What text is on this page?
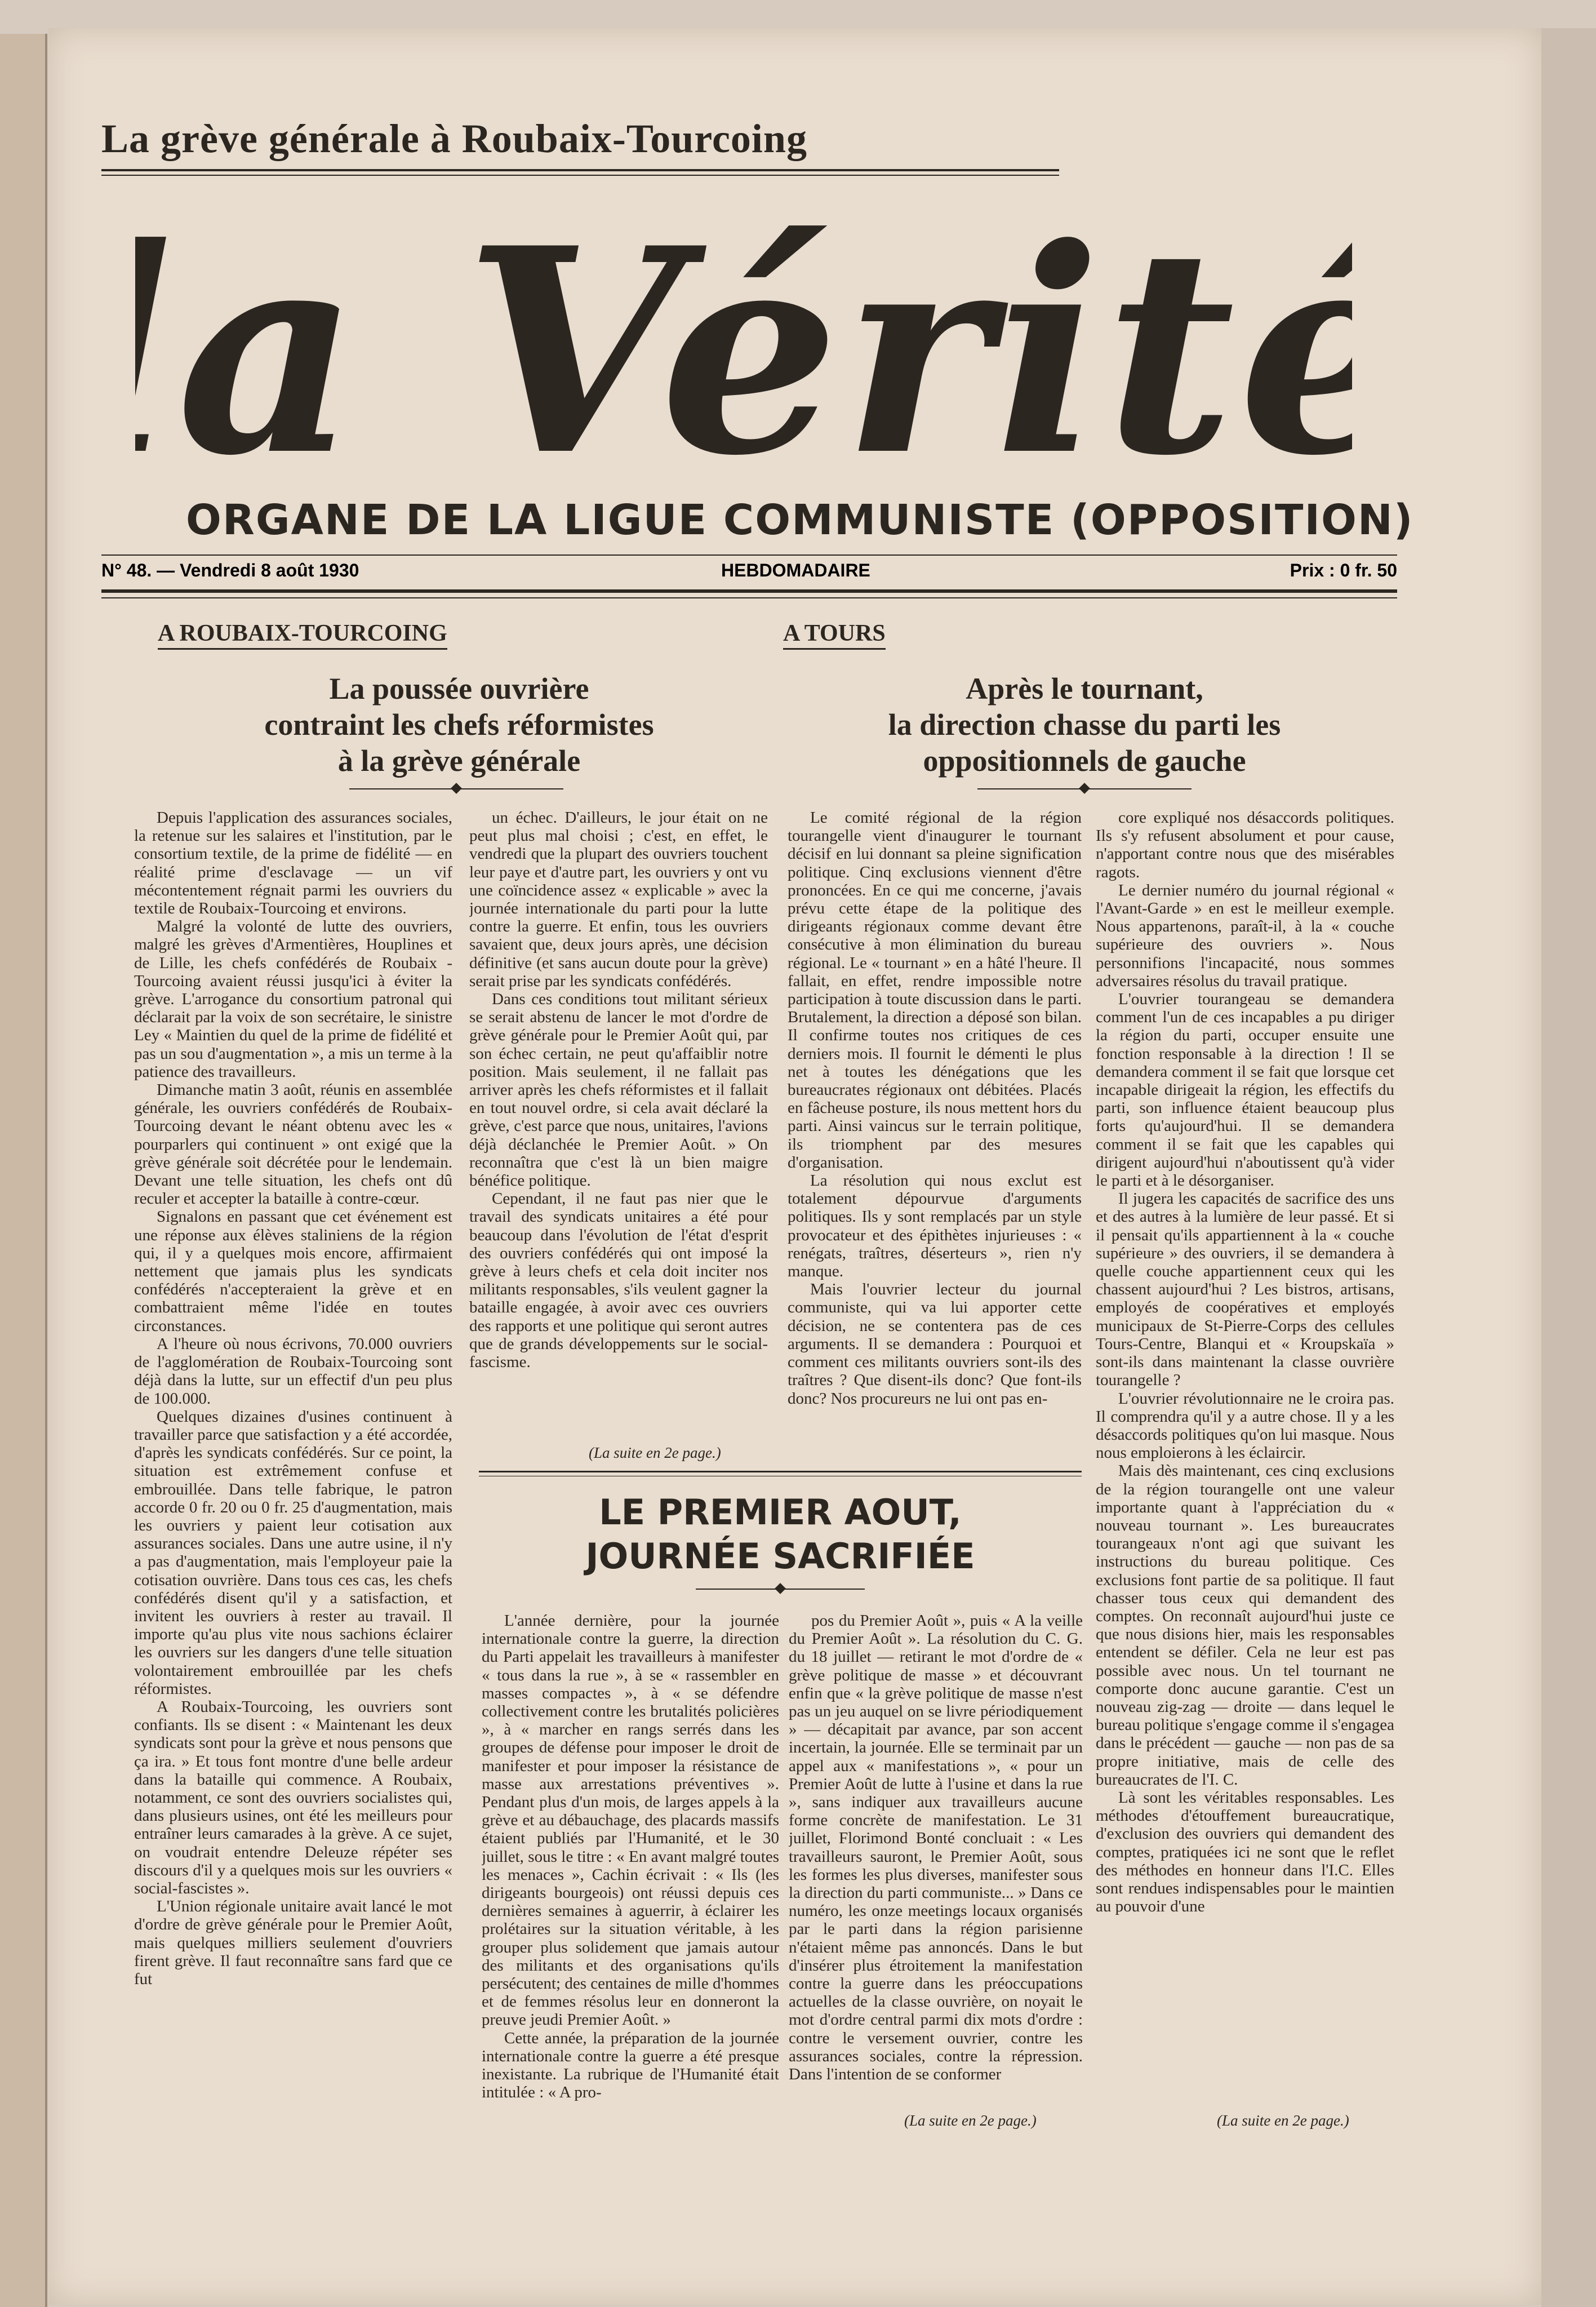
La grève générale à Roubaix-Tourcoing
a Vérité
ORGANE DE LA LIGUE COMMUNISTE (OPPOSITION)
N° 48. — Vendredi 8 août 1930	HEBDOMADAIRE	Prix : 0 fr. 50
A ROUBAIX-TOURCOING
La poussée ouvrière
contraint les chefs réformistes
à la grève générale

Depuis l'application des assurances sociales, la retenue sur les salaires et l'institution, par le consortium textile, de la prime de fidélité — en réalité prime d'esclavage — un vif mécontentement régnait parmi les ouvriers du textile de Roubaix-Tourcoing et environs.

Malgré la volonté de lutte des ouvriers, malgré les grèves d'Armentières, Houplines et de Lille, les chefs confédérés de Roubaix - Tourcoing avaient réussi jusqu'ici à éviter la grève. L'arrogance du consortium patronal qui déclarait par la voix de son secrétaire, le sinistre Ley « Maintien du quel de la prime de fidélité et pas un sou d'augmentation », a mis un terme à la patience des travailleurs.

Dimanche matin 3 août, réunis en assemblée générale, les ouvriers confédérés de Roubaix-Tourcoing devant le néant obtenu avec les « pourparlers qui continuent » ont exigé que la grève générale soit décrétée pour le lendemain. Devant une telle situation, les chefs ont dû reculer et accepter la bataille à contre-cœur.

Signalons en passant que cet événement est une réponse aux élèves staliniens de la région qui, il y a quelques mois encore, affirmaient nettement que jamais plus les syndicats confédérés n'accepteraient la grève et en combattraient même l'idée en toutes circonstances.

A l'heure où nous écrivons, 70.000 ouvriers de l'agglomération de Roubaix-Tourcoing sont déjà dans la lutte, sur un effectif d'un peu plus de 100.000.

Quelques dizaines d'usines continuent à travailler parce que satisfaction y a été accordée, d'après les syndicats confédérés. Sur ce point, la situation est extrêmement confuse et embrouillée. Dans telle fabrique, le patron accorde 0 fr. 20 ou 0 fr. 25 d'augmentation, mais les ouvriers y paient leur cotisation aux assurances sociales. Dans une autre usine, il n'y a pas d'augmentation, mais l'employeur paie la cotisation ouvrière. Dans tous ces cas, les chefs confédérés disent qu'il y a satisfaction, et invitent les ouvriers à rester au travail. Il importe qu'au plus vite nous sachions éclairer les ouvriers sur les dangers d'une telle situation volontairement embrouillée par les chefs réformistes.

A Roubaix-Tourcoing, les ouvriers sont confiants. Ils se disent : « Maintenant les deux syndicats sont pour la grève et nous pensons que ça ira. » Et tous font montre d'une belle ardeur dans la bataille qui commence. A Roubaix, notamment, ce sont des ouvriers socialistes qui, dans plusieurs usines, ont été les meilleurs pour entraîner leurs camarades à la grève. A ce sujet, on voudrait entendre Deleuze répéter ses discours d'il y a quelques mois sur les ouvriers « social-fascistes ».

L'Union régionale unitaire avait lancé le mot d'ordre de grève générale pour le Premier Août, mais quelques milliers seulement d'ouvriers firent grève. Il faut reconnaître sans fard que ce fut

un échec. D'ailleurs, le jour était on ne peut plus mal choisi ; c'est, en effet, le vendredi que la plupart des ouvriers touchent leur paye et d'autre part, les ouvriers y ont vu une coïncidence assez « explicable » avec la journée internationale du parti pour la lutte contre la guerre. Et enfin, tous les ouvriers savaient que, deux jours après, une décision définitive (et sans aucun doute pour la grève) serait prise par les syndicats confédérés.

Dans ces conditions tout militant sérieux se serait abstenu de lancer le mot d'ordre de grève générale pour le Premier Août qui, par son échec certain, ne peut qu'affaiblir notre position. Mais seulement, il ne fallait pas arriver après les chefs réformistes et il fallait en tout nouvel ordre, si cela avait déclaré la grève, c'est parce que nous, unitaires, l'avions déjà déclanchée le Premier Août. » On reconnaîtra que c'est là un bien maigre bénéfice politique.

Cependant, il ne faut pas nier que le travail des syndicats unitaires a été pour beaucoup dans l'évolution de l'état d'esprit des ouvriers confédérés qui ont imposé la grève à leurs chefs et cela doit inciter nos militants responsables, s'ils veulent gagner la bataille engagée, à avoir avec ces ouvriers des rapports et une politique qui seront autres que de grands développements sur le social-fascisme.

(La suite en 2e page.)
A TOURS
Après le tournant,
la direction chasse du parti les
oppositionnels de gauche

Le comité régional de la région tourangelle vient d'inaugurer le tournant décisif en lui donnant sa pleine signification politique. Cinq exclusions viennent d'être prononcées. En ce qui me concerne, j'avais prévu cette étape de la politique des dirigeants régionaux comme devant être consécutive à mon élimination du bureau régional. Le « tournant » en a hâté l'heure. Il fallait, en effet, rendre impossible notre participation à toute discussion dans le parti. Brutalement, la direction a déposé son bilan. Il confirme toutes nos critiques de ces derniers mois. Il fournit le démenti le plus net à toutes les dénégations que les bureaucrates régionaux ont débitées. Placés en fâcheuse posture, ils nous mettent hors du parti. Ainsi vaincus sur le terrain politique, ils triomphent par des mesures d'organisation.

La résolution qui nous exclut est totalement dépourvue d'arguments politiques. Ils y sont remplacés par un style provocateur et des épithètes injurieuses : « renégats, traîtres, déserteurs », rien n'y manque.

Mais l'ouvrier lecteur du journal communiste, qui va lui apporter cette décision, ne se contentera pas de ces arguments. Il se demandera : Pourquoi et comment ces militants ouvriers sont-ils des traîtres ? Que disent-ils donc? Que font-ils donc? Nos procureurs ne lui ont pas en-

core expliqué nos désaccords politiques. Ils s'y refusent absolument et pour cause, n'apportant contre nous que des misérables ragots.

Le dernier numéro du journal régional « l'Avant-Garde » en est le meilleur exemple. Nous appartenons, paraît-il, à la « couche supérieure des ouvriers ». Nous personnifions l'incapacité, nous sommes adversaires résolus du travail pratique.

L'ouvrier tourangeau se demandera comment l'un de ces incapables a pu diriger la région du parti, occuper ensuite une fonction responsable à la direction ! Il se demandera comment il se fait que lorsque cet incapable dirigeait la région, les effectifs du parti, son influence étaient beaucoup plus forts qu'aujourd'hui. Il se demandera comment il se fait que les capables qui dirigent aujourd'hui n'aboutissent qu'à vider le parti et à le désorganiser.

Il jugera les capacités de sacrifice des uns et des autres à la lumière de leur passé. Et si il pensait qu'ils appartiennent à la « couche supérieure » des ouvriers, il se demandera à quelle couche appartiennent ceux qui les chassent aujourd'hui ? Les bistros, artisans, employés de coopératives et employés municipaux de St-Pierre-Corps des cellules Tours-Centre, Blanqui et « Kroupskaïa » sont-ils dans maintenant la classe ouvrière tourangelle ?

L'ouvrier révolutionnaire ne le croira pas. Il comprendra qu'il y a autre chose. Il y a les désaccords politiques qu'on lui masque. Nous nous emploierons à les éclaircir.

Mais dès maintenant, ces cinq exclusions de la région tourangelle ont une valeur importante quant à l'appréciation du « nouveau tournant ». Les bureaucrates tourangeaux n'ont agi que suivant les instructions du bureau politique. Ces exclusions font partie de sa politique. Il faut chasser tous ceux qui demandent des comptes. On reconnaît aujourd'hui juste ce que nous disions hier, mais les responsables entendent se défiler. Cela ne leur est pas possible avec nous. Un tel tournant ne comporte donc aucune garantie. C'est un nouveau zig-zag — droite — dans lequel le bureau politique s'engage comme il s'engagea dans le précédent — gauche — non pas de sa propre initiative, mais de celle des bureaucrates de l'I. C.

Là sont les véritables responsables. Les méthodes d'étouffement bureaucratique, d'exclusion des ouvriers qui demandent des comptes, pratiquées ici ne sont que le reflet des méthodes en honneur dans l'I.C. Elles sont rendues indispensables pour le maintien au pouvoir d'une

(La suite en 2e page.)
LE PREMIER AOUT,
JOURNÉE SACRIFIÉE

L'année dernière, pour la journée internationale contre la guerre, la direction du Parti appelait les travailleurs à manifester « tous dans la rue », à se « rassembler en masses compactes », à « se défendre collectivement contre les brutalités policières », à « marcher en rangs serrés dans les groupes de défense pour imposer le droit de manifester et pour imposer la résistance de masse aux arrestations préventives ». Pendant plus d'un mois, de larges appels à la grève et au débauchage, des placards massifs étaient publiés par l'Humanité, et le 30 juillet, sous le titre : « En avant malgré toutes les menaces », Cachin écrivait : « Ils (les dirigeants bourgeois) ont réussi depuis ces dernières semaines à aguerrir, à éclairer les prolétaires sur la situation véritable, à les grouper plus solidement que jamais autour des militants et des organisations qu'ils persécutent; des centaines de mille d'hommes et de femmes résolus leur en donneront la preuve jeudi Premier Août. »

Cette année, la préparation de la journée internationale contre la guerre a été presque inexistante. La rubrique de l'Humanité était intitulée : « A pro-

pos du Premier Août », puis « A la veille du Premier Août ». La résolution du C. G. du 18 juillet — retirant le mot d'ordre de « grève politique de masse » et découvrant enfin que « la grève politique de masse n'est pas un jeu auquel on se livre périodiquement » — décapitait par avance, par son accent incertain, la journée. Elle se terminait par un appel aux « manifestations », « pour un Premier Août de lutte à l'usine et dans la rue », sans indiquer aux travailleurs aucune forme concrète de manifestation. Le 31 juillet, Florimond Bonté concluait : « Les travailleurs sauront, le Premier Août, sous les formes les plus diverses, manifester sous la direction du parti communiste... » Dans ce numéro, les onze meetings locaux organisés par le parti dans la région parisienne n'étaient même pas annoncés. Dans le but d'insérer plus étroitement la manifestation contre la guerre dans les préoccupations actuelles de la classe ouvrière, on noyait le mot d'ordre central parmi dix mots d'ordre : contre le versement ouvrier, contre les assurances sociales, contre la répression. Dans l'intention de se conformer

(La suite en 2e page.)
